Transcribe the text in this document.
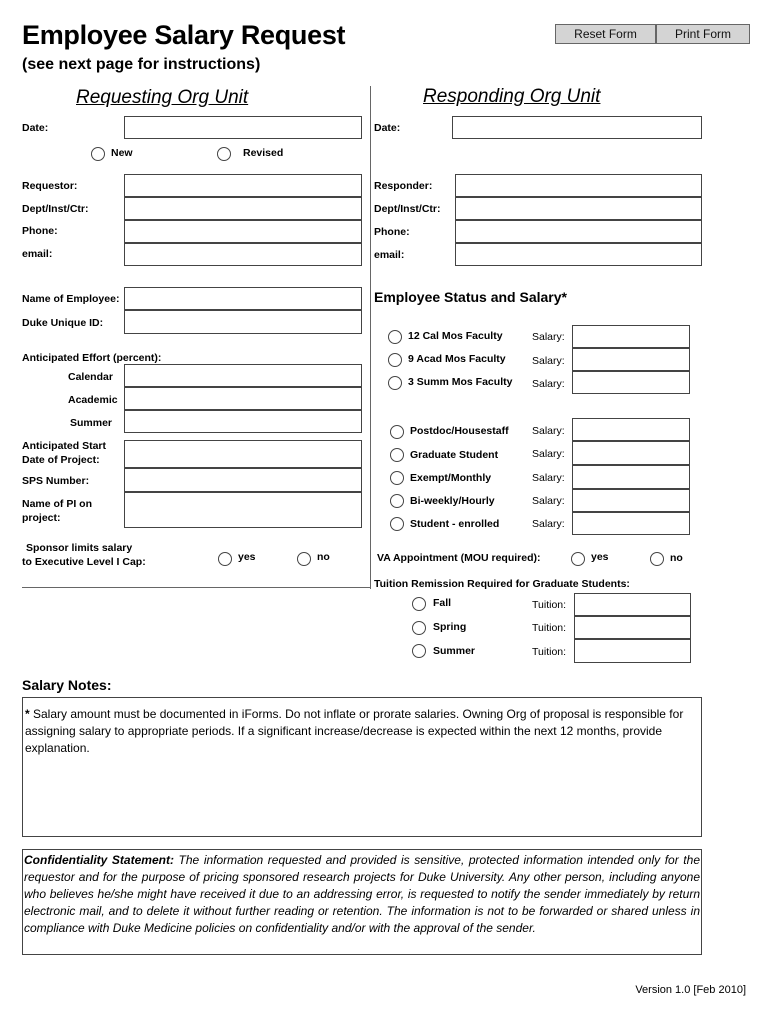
Employee Salary Request
(see next page for instructions)
Reset Form	Print Form
Requesting Org Unit
Date:
New	Revised
Requestor:
Dept/Inst/Ctr:
Phone:
email:
Name of Employee:
Duke Unique ID:
Anticipated Effort (percent):
Calendar
Academic
Summer
Anticipated Start
Date of Project:
SPS Number:
Name of PI on
project:
Sponsor limits salary
to Executive Level I Cap:	yes	no
Responding Org Unit
Date:
Responder:
Dept/Inst/Ctr:
Phone:
email:
Employee Status and Salary*
12 Cal Mos Faculty	Salary:
9 Acad Mos Faculty	Salary:
3 Summ Mos Faculty Salary:
Postdoc/Housestaff Salary:
Graduate Student	Salary:
Exempt/Monthly	Salary:
Bi-weekly/Hourly	Salary:
Student - enrolled	Salary:
VA Appointment (MOU required):	yes	no
Tuition Remission Required for Graduate Students:
Fall	Tuition:
Spring	Tuition:
Summer	Tuition:
Salary Notes:
* Salary amount must be documented in iForms. Do not inflate or prorate salaries. Owning Org of proposal is responsible for assigning salary to appropriate periods. If a significant increase/decrease is expected within the next 12 months, provide explanation.
Confidentiality Statement: The information requested and provided is sensitive, protected information intended only for the requestor and for the purpose of pricing sponsored research projects for Duke University. Any other person, including anyone who believes he/she might have received it due to an addressing error, is requested to notify the sender immediately by return electronic mail, and to delete it without further reading or retention. The information is not to be forwarded or shared unless in compliance with Duke Medicine policies on confidentiality and/or with the approval of the sender.
Version 1.0 [Feb 2010]
